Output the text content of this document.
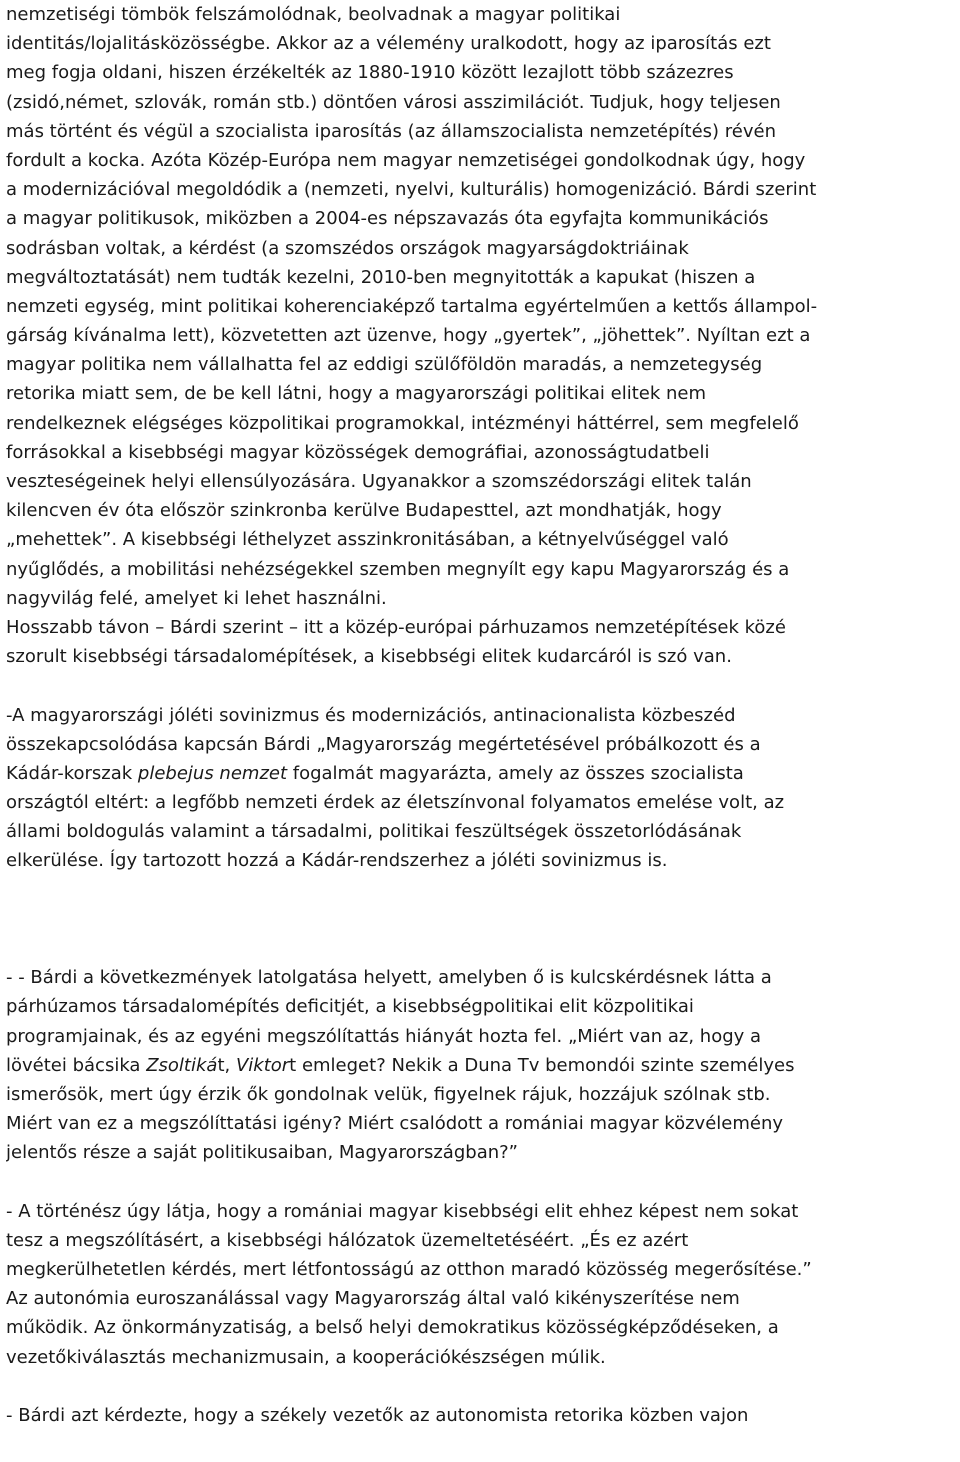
nemzetiségi tömbök felszámolódnak, beolvadnak a magyar politikai
identitás/lojalitásközösségbe. Akkor az a vélemény uralkodott, hogy az iparosítás ezt
meg fogja oldani, hiszen érzékelték az 1880-1910 között lezajlott több százezres
(zsidó,német, szlovák, román stb.) döntően városi asszimilációt. Tudjuk, hogy teljesen
más történt és végül a szocialista iparosítás (az államszocialista nemzetépítés) révén
fordult a kocka. Azóta Közép-Európa nem magyar nemzetiségei gondolkodnak úgy, hogy
a modernizációval megoldódik a (nemzeti, nyelvi, kulturális) homogenizáció. Bárdi szerint
a magyar politikusok, miközben a 2004-es népszavazás óta egyfajta kommunikációs
sodrásban voltak, a kérdést (a szomszédos országok magyarságdoktriáinak
megváltoztatását) nem tudták kezelni, 2010-ben megnyitották a kapukat (hiszen a
nemzeti egység, mint politikai koherenciaképző tartalma egyértelműen a kettős állampol-
gárság kívánalma lett), közvetetten azt üzenve, hogy „gyertek”, „jöhettek”. Nyíltan ezt a
magyar politika nem vállalhatta fel az eddigi szülőföldön maradás, a nemzetegység
retorika miatt sem, de be kell látni, hogy a magyarországi politikai elitek nem
rendelkeznek elégséges közpolitikai programokkal, intézményi háttérrel, sem megfelelő
forrásokkal a kisebbségi magyar közösségek demográfiai, azonosságtudatbeli
veszteségeinek helyi ellensúlyozására. Ugyanakkor a szomszédországi elitek talán
kilencven év óta először szinkronba kerülve Budapesttel, azt mondhatják, hogy
„mehettek”. A kisebbségi léthelyzet asszinkronitásában, a kétnyelvűséggel való
nyűglődés, a mobilitási nehézségekkel szemben megnyílt egy kapu Magyarország és a
nagyvilág felé, amelyet ki lehet használni.
Hosszabb távon – Bárdi szerint – itt a közép-európai párhuzamos nemzetépítések közé
szorult kisebbségi társadalomépítések, a kisebbségi elitek kudarcáról is szó van.
-A magyarországi jóléti sovinizmus és modernizációs, antinacionalista közbeszéd
összekapcsolódása kapcsán Bárdi „Magyarország megértetésével próbálkozott és a
Kádár-korszak plebejus nemzet fogalmát magyarázta, amely az összes szocialista
országtól eltért: a legfőbb nemzeti érdek az életszínvonal folyamatos emelése volt, az
állami boldogulás valamint a társadalmi, politikai feszültségek összetorlódásának
elkerülése. Így tartozott hozzá a Kádár-rendszerhez a jóléti sovinizmus is.
- - Bárdi a következmények latolgatása helyett, amelyben ő is kulcskérdésnek látta a
párhúzamos társadalomépítés deficitjét, a kisebbségpolitikai elit közpolitikai
programjainak, és az egyéni megszólítattás hiányát hozta fel. „Miért van az, hogy a
lövétei bácsika Zsoltikát, Viktort emleget? Nekik a Duna Tv bemondói szinte személyes
ismerősök, mert úgy érzik ők gondolnak velük, figyelnek rájuk, hozzájuk szólnak stb.
Miért van ez a megszólíttatási igény? Miért csalódott a romániai magyar közvélemény
jelentős része a saját politikusaiban, Magyarországban?”
- A történész úgy látja, hogy a romániai magyar kisebbségi elit ehhez képest nem sokat
tesz a megszólításért, a kisebbségi hálózatok üzemeltetéséért. „És ez azért
megkerülhetetlen kérdés, mert létfontosságú az otthon maradó közösség megerősítése.”
Az autonómia euroszanálással vagy Magyarország által való kikényszerítése nem
működik. Az önkormányzatiság, a belső helyi demokratikus közösségképződéseken, a
vezetőkiválasztás mechanizmusain, a kooperációkészségen múlik.
- Bárdi azt kérdezte, hogy a székely vezetők az autonomista retorika közben vajon
